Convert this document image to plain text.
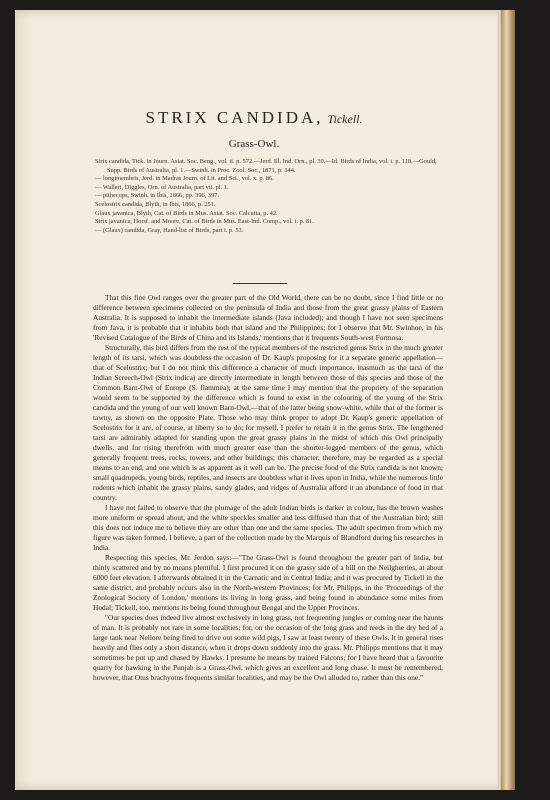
STRIX CANDIDA, Tickell.
Grass-Owl.

Strix candida, Tick. in Journ. Asiat. Soc. Beng., vol. ii. p. 572.—Jerd. Ill. Ind. Orn., pl. 30.—Id. Birds of India, vol. i. p. 118.—Gould, Supp. Birds of Australia, pl. 1.—Swinh. in Proc. Zool. Soc., 1871, p. 344.

— longimembris, Jerd. in Madras Journ. of Lit. and Sci., vol. x. p. 86.

— Walleri, Diggles, Orn. of Australia, part vii. pl. 1.

— pithecops, Swinh. in Ibis, 1866, pp. 396, 397.

Scelostrix candida, Blyth, in Ibis, 1866, p. 251.

Glaux javanica, Blyth, Cat. of Birds in Mus. Asiat. Soc. Calcutta, p. 42.

Strix javanica, Horsf. and Moore, Cat. of Birds in Mus. East-Ind. Comp., vol. i. p. 81.

— (Glaux) candida, Gray, Hand-list of Birds, part i. p. 53.

That this fine Owl ranges over the greater part of the Old World, there can be no doubt, since I find little or no difference between specimens collected on the peninsula of India and those from the great grassy plains of Eastern Australia. It is supposed to inhabit the intermediate islands (Java included); and though I have not seen specimens from Java, it is probable that it inhabits both that island and the Philippines; for I observe that Mr. Swinhoe, in his 'Revised Catalogue of the Birds of China and its Islands,' mentions that it frequents South-west Formosa.

Structurally, this bird differs from the rest of the typical members of the restricted genus Strix in the much greater length of its tarsi, which was doubtless the occasion of Dr. Kaup's proposing for it a separate generic appellation—that of Scelostrix; but I do not think this difference a character of much importance, inasmuch as the tarsi of the Indian Screech-Owl (Strix indica) are directly intermediate in length between those of this species and those of the Common Barn-Owl of Europe (S. flammea); at the same time I may mention that the propriety of the separation would seem to be supported by the difference which is found to exist in the colouring of the young of the Strix candida and the young of our well known Barn-Owl,—that of the latter being snow-white, while that of the former is tawny, as shown on the opposite Plate. Those who may think proper to adopt Dr. Kaup's generic appellation of Scelostrix for it are, of course, at liberty so to do; for myself, I prefer to retain it in the genus Strix. The lengthened tarsi are admirably adapted for standing upon the great grassy plains in the midst of which this Owl principally dwells, and for rising therefrom with much greater ease than the shorter-legged members of the genus, which generally frequent trees, rocks, towers, and other buildings; this character, therefore, may be regarded as a special means to an end, and one which is as apparent as it well can be. The precise food of the Strix candida is not known; small quadrupeds, young birds, reptiles, and insects are doubtless what it lives upon in India, while the numerous little rodents which inhabit the grassy plains, sandy glades, and ridges of Australia afford it an abundance of food in that country.

I have not failed to observe that the plumage of the adult Indian birds is darker in colour, has the brown washes more uniform or spread about, and the white speckles smaller and less diffused than that of the Australian bird; still this does not induce me to believe they are other than one and the same species. The adult specimen from which my figure was taken formed, I believe, a part of the collection made by the Marquis of Blandford during his researches in India.

Respecting this species, Mr. Jerdon says:—"The Grass-Owl is found throughout the greater part of India, but thinly scattered and by no means plentiful. I first procured it on the grassy side of a hill on the Neilgherries, at about 6000 feet elevation. I afterwards obtained it in the Carnatic and in Central India; and it was procured by Tickell in the same district, and probably occurs also in the North-western Provinces; for Mr. Philipps, in the 'Proceedings of the Zoological Society of London,' mentions its living in long grass, and being found in abundance some miles from Hodal; Tickell, too, mentions its being found throughout Bengal and the Upper Provinces.

"Our species does indeed live almost exclusively in long grass, not frequenting jungles or coming near the haunts of man. It is probably not rare in some localities; for, on the occasion of the long grass and reeds in the dry bed of a large tank near Nellore being fired to drive out some wild pigs, I saw at least twenty of these Owls. It in general rises heavily and flies only a short distance, when it drops down suddenly into the grass. Mr. Philipps mentions that it may sometimes be put up and chased by Hawks. I presume he means by trained Falcons; for I have heard that a favourite quarry for hawking in the Punjab is a Grass-Owl, which gives an excellent and long chase. It must be remembered, however, that Otus brachyotus frequents similar localities, and may be the Owl alluded to, rather than this one."
